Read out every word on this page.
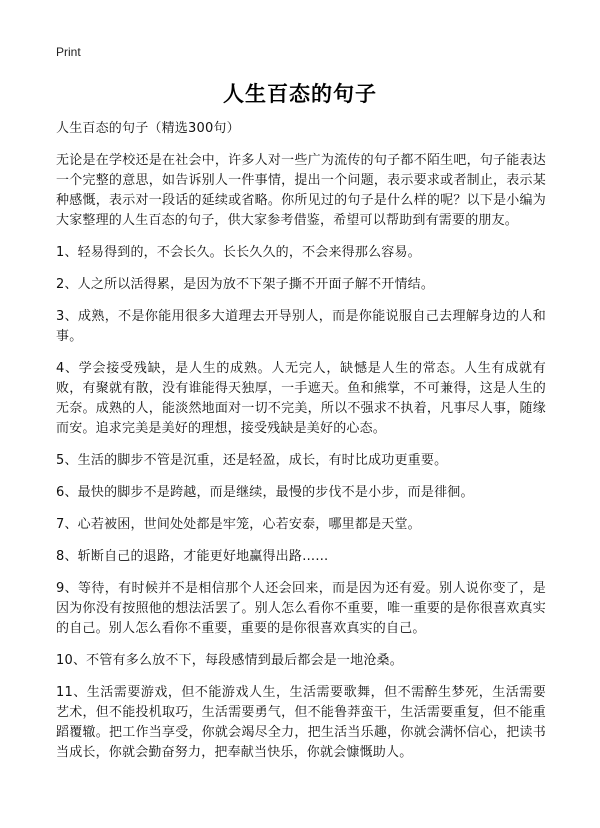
Print
人生百态的句子

人生百态的句子（精选300句）

无论是在学校还是在社会中，许多人对一些广为流传的句子都不陌生吧，句子能表达一个完整的意思，如告诉别人一件事情，提出一个问题，表示要求或者制止，表示某种感慨，表示对一段话的延续或省略。你所见过的句子是什么样的呢？以下是小编为大家整理的人生百态的句子，供大家参考借鉴，希望可以帮助到有需要的朋友。

1、轻易得到的，不会长久。长长久久的，不会来得那么容易。

2、人之所以活得累，是因为放不下架子撕不开面子解不开情结。

3、成熟，不是你能用很多大道理去开导别人，而是你能说服自己去理解身边的人和事。

4、学会接受残缺，是人生的成熟。人无完人，缺憾是人生的常态。人生有成就有败，有聚就有散，没有谁能得天独厚，一手遮天。鱼和熊掌，不可兼得，这是人生的无奈。成熟的人，能淡然地面对一切不完美，所以不强求不执着，凡事尽人事，随缘而安。追求完美是美好的理想，接受残缺是美好的心态。

5、生活的脚步不管是沉重，还是轻盈，成长，有时比成功更重要。

6、最快的脚步不是跨越，而是继续，最慢的步伐不是小步，而是徘徊。

7、心若被困，世间处处都是牢笼，心若安泰，哪里都是天堂。

8、斩断自己的退路，才能更好地赢得出路……

9、等待，有时候并不是相信那个人还会回来，而是因为还有爱。别人说你变了，是因为你没有按照他的想法活罢了。别人怎么看你不重要，唯一重要的是你很喜欢真实的自己。别人怎么看你不重要，重要的是你很喜欢真实的自己。

10、不管有多么放不下，每段感情到最后都会是一地沧桑。

11、生活需要游戏，但不能游戏人生，生活需要歌舞，但不需醉生梦死，生活需要艺术，但不能投机取巧，生活需要勇气，但不能鲁莽蛮干，生活需要重复，但不能重蹈覆辙。把工作当享受，你就会竭尽全力，把生活当乐趣，你就会满怀信心，把读书当成长，你就会勤奋努力，把奉献当快乐，你就会慷慨助人。
